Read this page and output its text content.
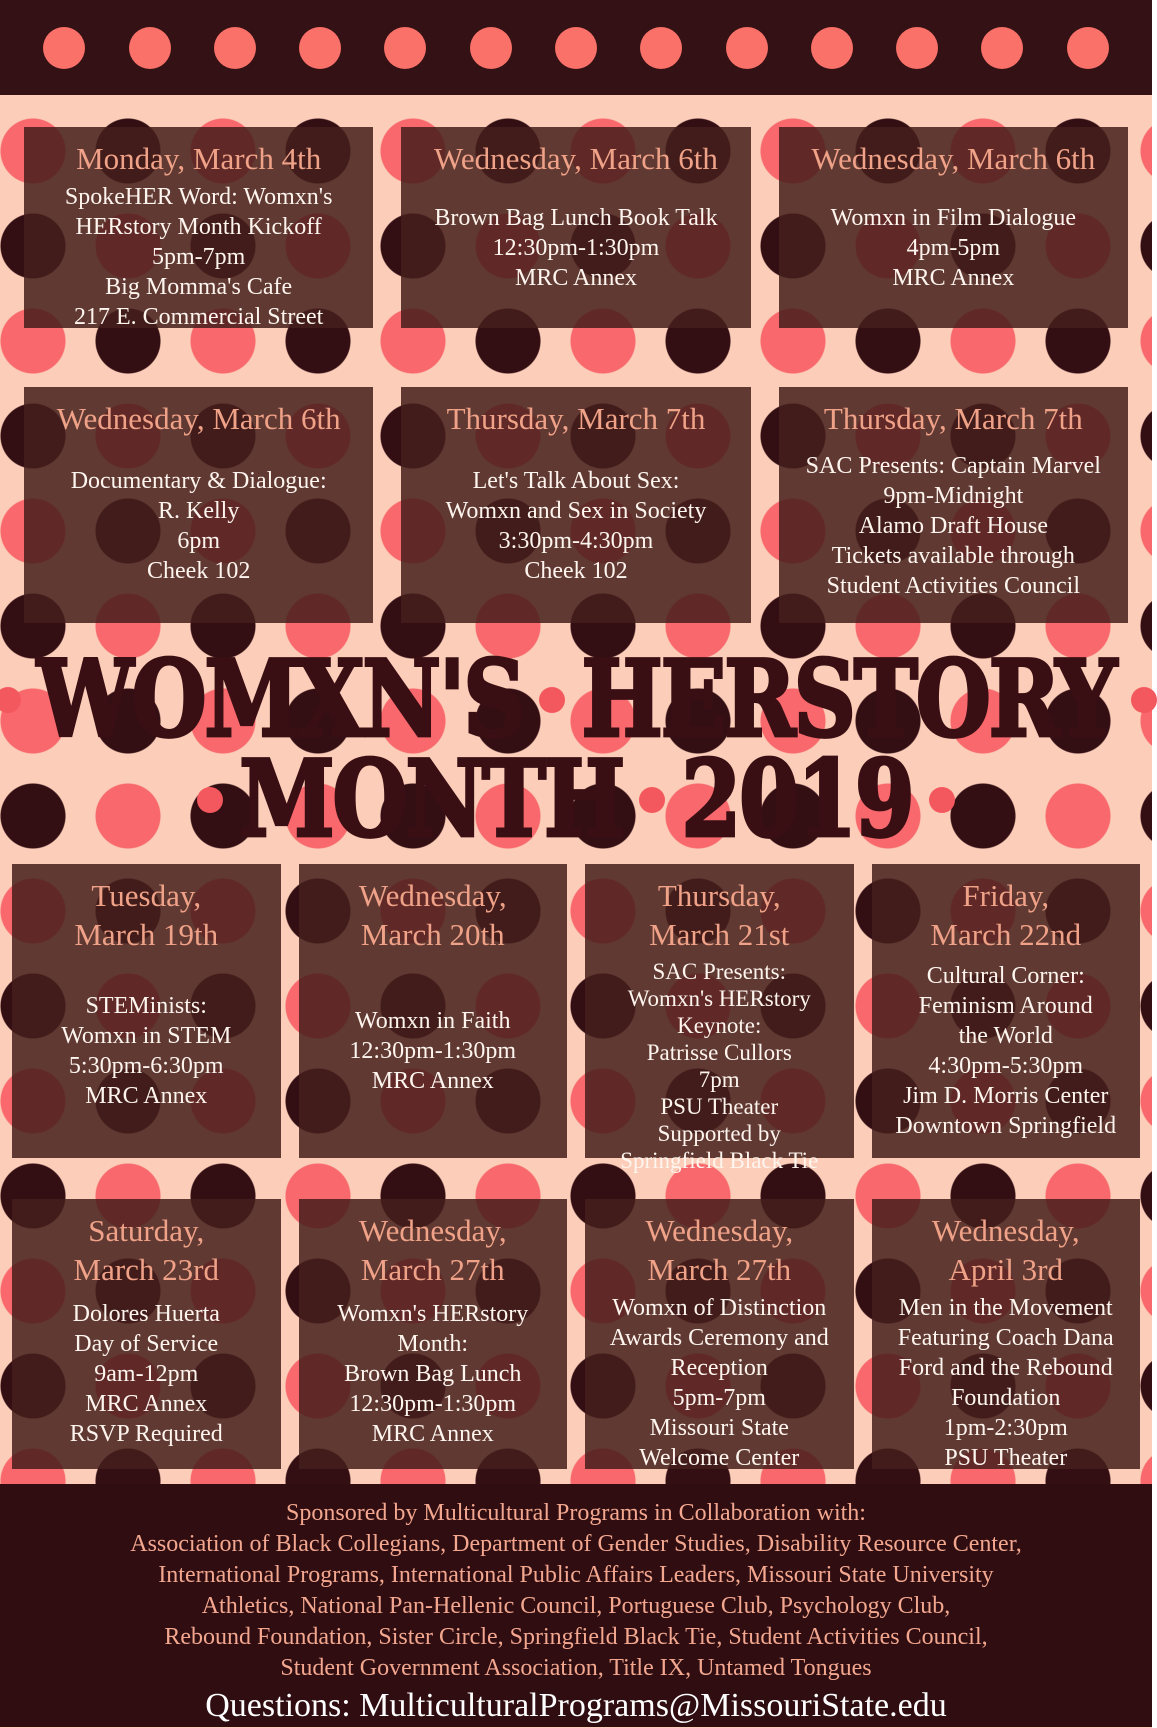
Monday, March 4th

SpokeHER Word: Womxn's

HERstory Month Kickoff

5pm-7pm

Big Momma's Cafe

217 E. Commercial Street

Wednesday, March 6th

Brown Bag Lunch Book Talk

12:30pm-1:30pm

MRC Annex

Wednesday, March 6th

Womxn in Film Dialogue

4pm-5pm

MRC Annex

Wednesday, March 6th

Documentary & Dialogue:

R. Kelly

6pm

Cheek 102

Thursday, March 7th

Let's Talk About Sex:

Womxn and Sex in Society

3:30pm-4:30pm

Cheek 102

Thursday, March 7th

SAC Presents: Captain Marvel

9pm-Midnight

Alamo Draft House

Tickets available through

Student Activities Council

WOMXN'S HERSTORY
MONTH 2019
Tuesday,
March 19th

STEMinists:

Womxn in STEM

5:30pm-6:30pm

MRC Annex

Wednesday,
March 20th

Womxn in Faith

12:30pm-1:30pm

MRC Annex

Thursday,
March 21st

SAC Presents:

Womxn's HERstory

Keynote:

Patrisse Cullors

7pm

PSU Theater

Supported by

Springfield Black Tie

Friday,
March 22nd

Cultural Corner:

Feminism Around

the World

4:30pm-5:30pm

Jim D. Morris Center

Downtown Springfield

Saturday,
March 23rd

Dolores Huerta

Day of Service

9am-12pm

MRC Annex

RSVP Required

Wednesday,
March 27th

Womxn's HERstory

Month:

Brown Bag Lunch

12:30pm-1:30pm

MRC Annex

Wednesday,
March 27th

Womxn of Distinction

Awards Ceremony and

Reception

5pm-7pm

Missouri State

Welcome Center

Wednesday,
April 3rd

Men in the Movement

Featuring Coach Dana

Ford and the Rebound

Foundation

1pm-2:30pm

PSU Theater

Sponsored by Multicultural Programs in Collaboration with:

Association of Black Collegians, Department of Gender Studies, Disability Resource Center,

International Programs, International Public Affairs Leaders, Missouri State University

Athletics, National Pan-Hellenic Council, Portuguese Club, Psychology Club,

Rebound Foundation, Sister Circle, Springfield Black Tie, Student Activities Council,

Student Government Association, Title IX, Untamed Tongues

Questions: MulticulturalPrograms@MissouriState.edu
